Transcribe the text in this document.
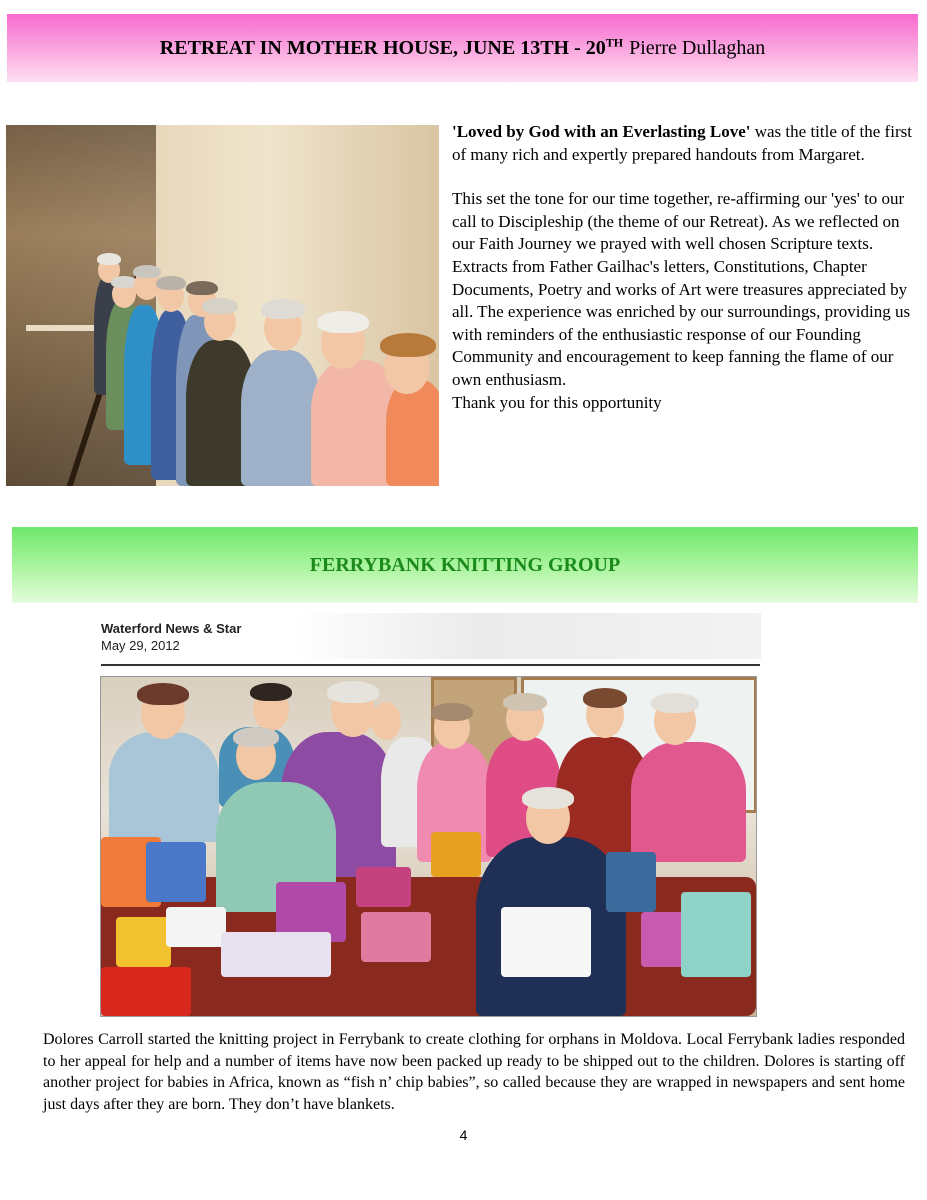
RETREAT IN MOTHER HOUSE, JUNE 13TH - 20TH Pierre Dullaghan

'Loved by God with an Everlasting Love' was the title of the first of many rich and expertly prepared handouts from Margaret.

This set the tone for our time together, re-affirming our 'yes' to our call to Discipleship (the theme of our Retreat). As we reflected on our Faith Journey we prayed with well chosen Scripture texts. Extracts from Father Gailhac's letters, Constitutions, Chapter Documents, Poetry and works of Art were treasures appreciated by all. The experience was enriched by our surroundings, providing us with reminders of the enthusiastic response of our Founding Community and encouragement to keep fanning the flame of our own enthusiasm.

Thank you for this opportunity

FERRYBANK KNITTING GROUP
Waterford News & Star
May 29, 2012
Dolores Carroll started the knitting project in Ferrybank to create clothing for orphans in Moldova. Local Ferrybank ladies responded to her appeal for help and a number of items have now been packed up ready to be shipped out to the children. Dolores is starting off another project for babies in Africa, known as “fish n’ chip babies”, so called because they are wrapped in newspapers and sent home just days after they are born. They don’t have blankets.
4
